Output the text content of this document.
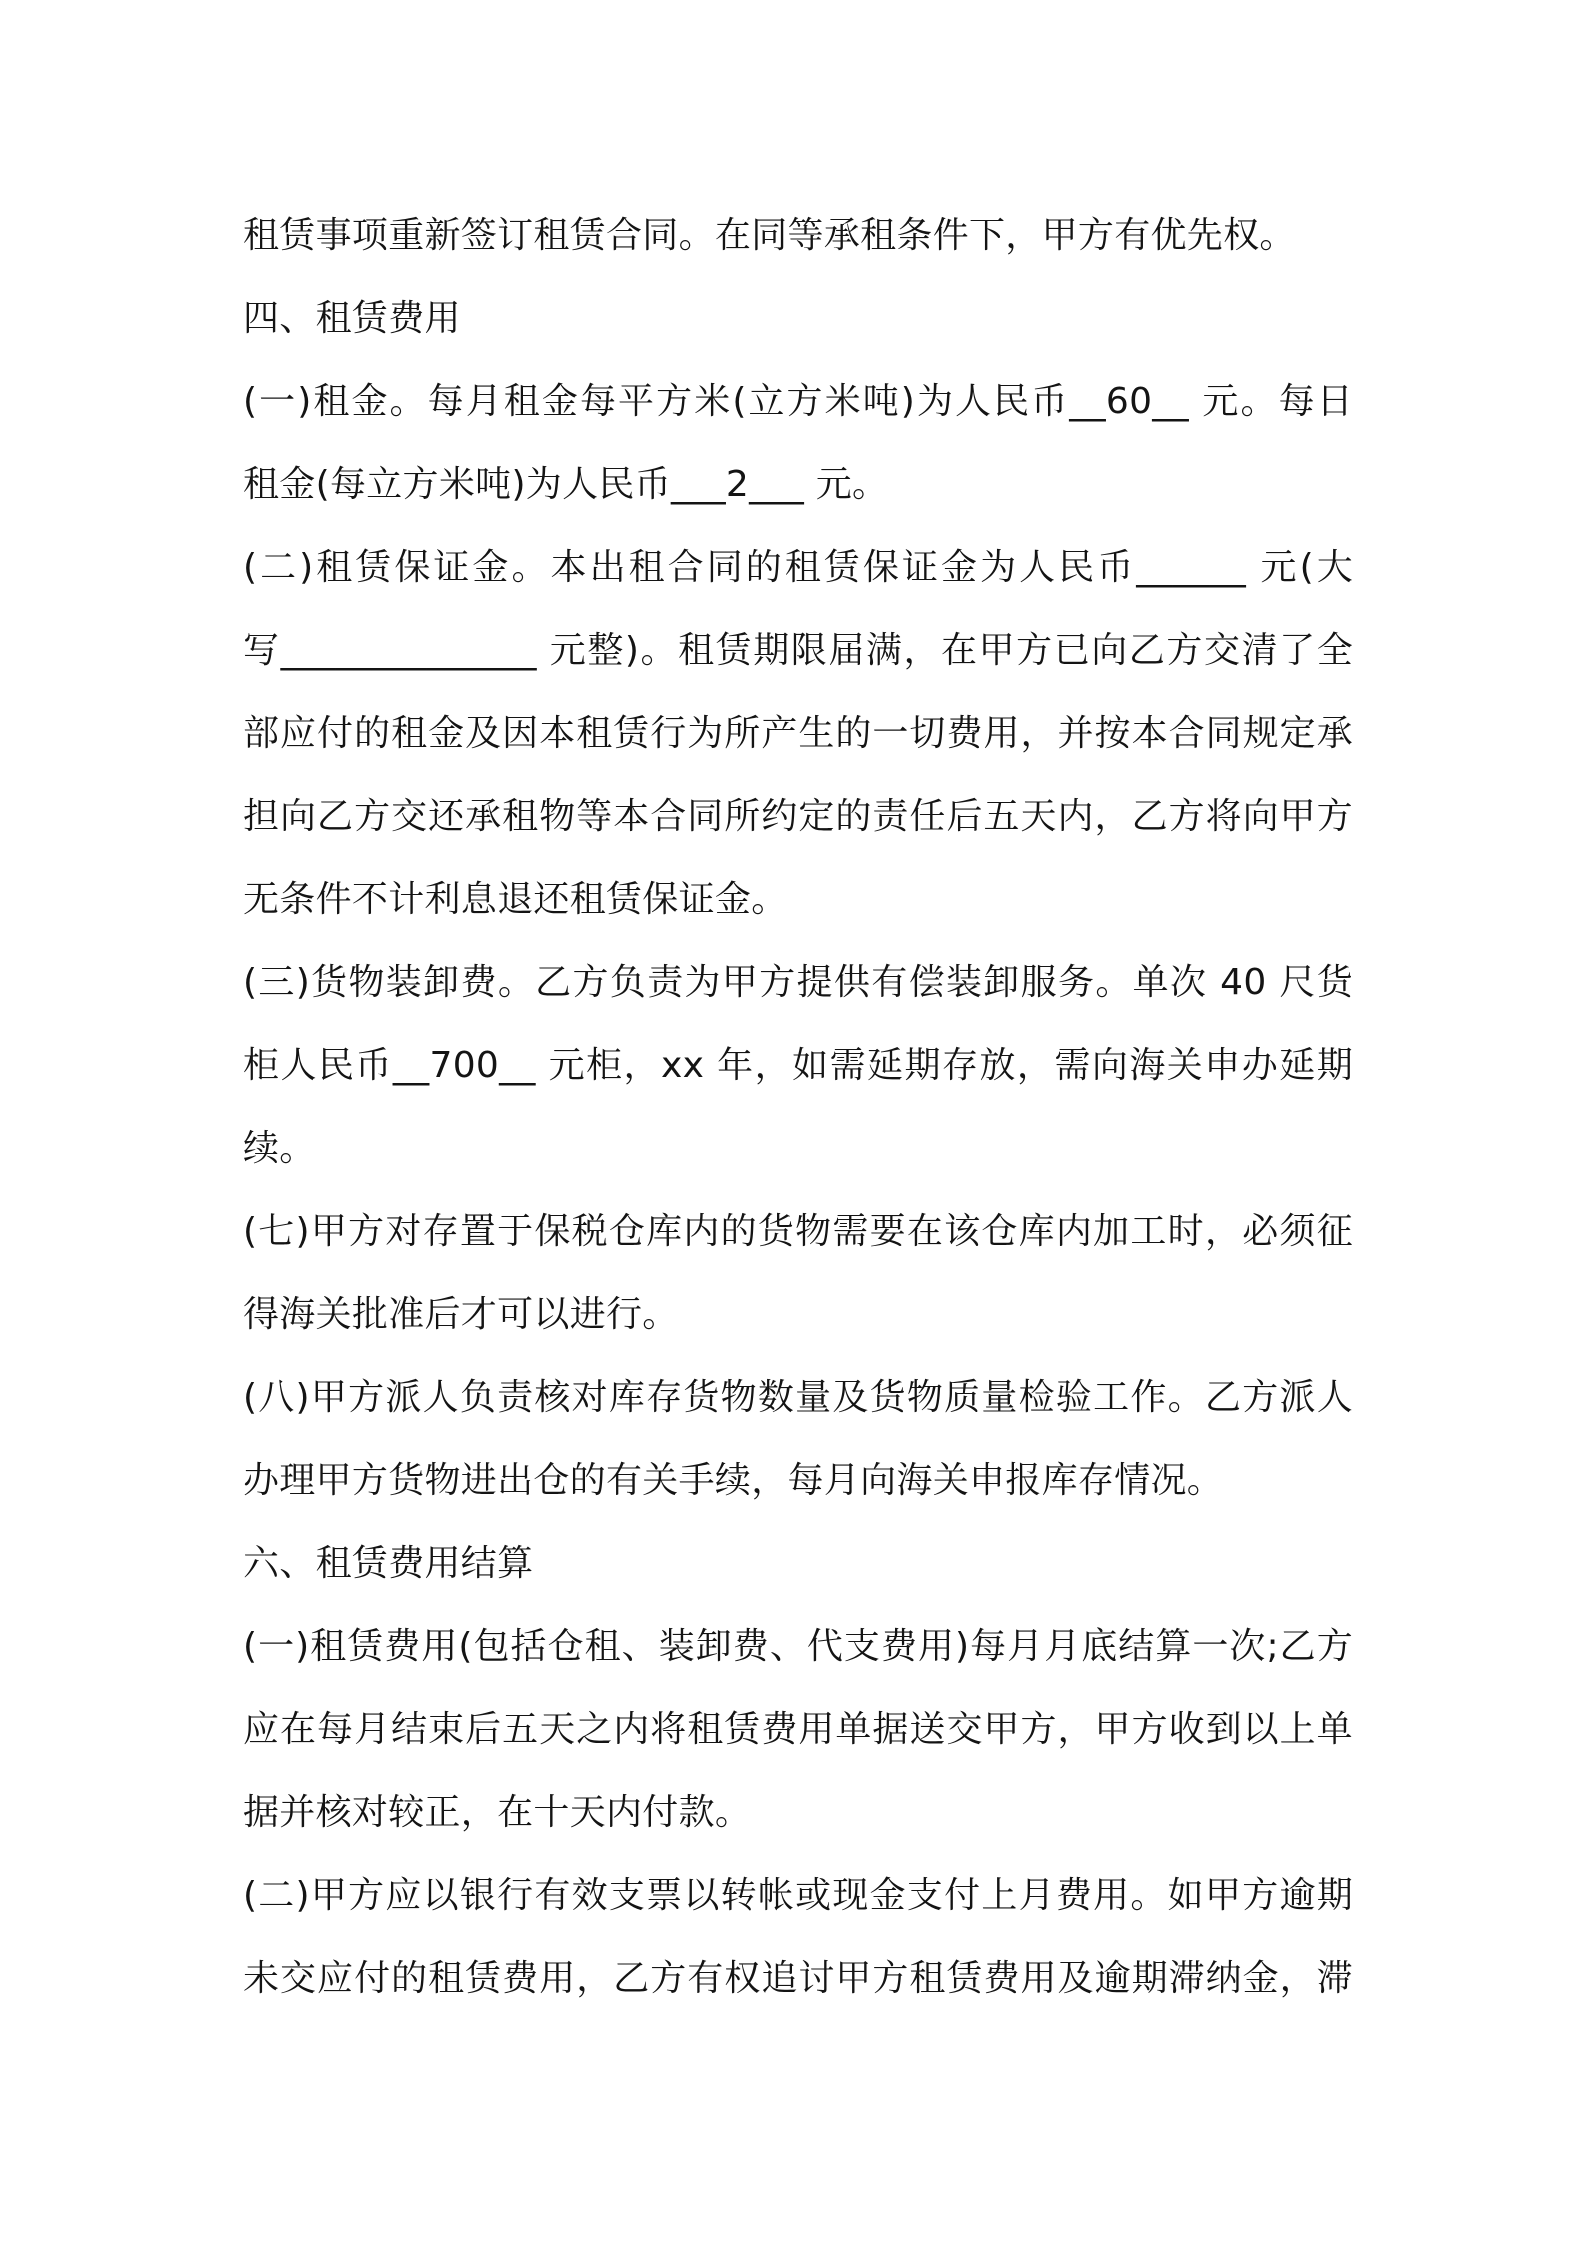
租赁事项重新签订租赁合同。在同等承租条件下，甲方有优先权。
四、租赁费用
(一)租金。每月租金每平方米(立方米吨)为人民币__60__ 元。每日
租金(每立方米吨)为人民币___2___ 元。
(二)租赁保证金。本出租合同的租赁保证金为人民币______ 元(大
写______________ 元整)。租赁期限届满，在甲方已向乙方交清了全
部应付的租金及因本租赁行为所产生的一切费用，并按本合同规定承
担向乙方交还承租物等本合同所约定的责任后五天内，乙方将向甲方
无条件不计利息退还租赁保证金。
(三)货物装卸费。乙方负责为甲方提供有偿装卸服务。单次 40 尺货
柜人民币__700__ 元柜，xx 年，如需延期存放，需向海关申办延期
续。
(七)甲方对存置于保税仓库内的货物需要在该仓库内加工时，必须征
得海关批准后才可以进行。
(八)甲方派人负责核对库存货物数量及货物质量检验工作。乙方派人
办理甲方货物进出仓的有关手续，每月向海关申报库存情况。
六、租赁费用结算
(一)租赁费用(包括仓租、装卸费、代支费用)每月月底结算一次;乙方
应在每月结束后五天之内将租赁费用单据送交甲方，甲方收到以上单
据并核对较正，在十天内付款。
(二)甲方应以银行有效支票以转帐或现金支付上月费用。如甲方逾期
未交应付的租赁费用，乙方有权追讨甲方租赁费用及逾期滞纳金，滞
